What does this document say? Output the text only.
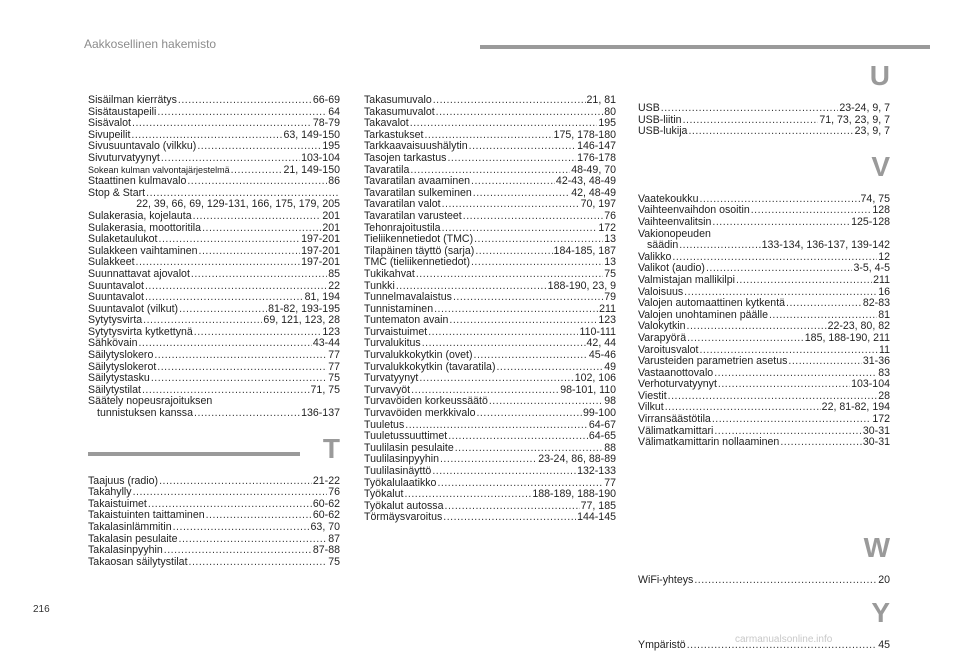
Aakkosellinen hakemisto
Sisäilman kierrätys .....	66-69
Sisätaustapeili .....	64
Sisävalot .....	78-79
Sivupeilit .....	63, 149-150
Sivusuuntavalo (vilkku) .....	195
Sivuturvatyynyt .....	103-104
Sokean kulman valvontajärjestelmä .....	21, 149-150
Staattinen kulmavalo .....	86
Stop & Start
.....
22, 39, 66, 69, 129-131, 166, 175, 179, 205
Sulakerasia, kojelauta .....	201
Sulakerasia, moottoritila .....	201
Sulaketaulukot .....	197-201
Sulakkeen vaihtaminen .....	197-201
Sulakkeet .....	197-201
Suunnattavat ajovalot .....	85
Suuntavalot .....	22
Suuntavalot .....	81, 194
Suuntavalot (vilkut) .....	81-82, 193-195
Sytytysvirta .....	69, 121, 123, 28
Sytytysvirta kytkettynä .....	123
Sähkövain .....	43-44
Säilytyslokero .....	77
Säilytyslokerot .....	77
Säilytystasku .....	75
Säilytystilat .....	71, 75
Säätely nopeusrajoituksen
tunnistuksen kanssa .....	136-137
T
Taajuus (radio) .....	21-22
Takahylly .....	76
Takaistuimet .....	60-62
Takaistuinten taittaminen .....	60-62
Takalasinlämmitin .....	63, 70
Takalasin pesulaite .....	87
Takalasinpyyhin .....	87-88
Takaosan säilytystilat .....	75
Takasumuvalo .....	21, 81
Takasumuvalot .....	80
Takavalot .....	195
Tarkastukset .....	175, 178-180
Tarkkaavaisuushälytin .....	146-147
Tasojen tarkastus .....	176-178
Tavaratila .....	48-49, 70
Tavaratilan avaaminen .....	42-43, 48-49
Tavaratilan sulkeminen .....	42, 48-49
Tavaratilan valot .....	70, 197
Tavaratilan varusteet .....	76
Tehonrajoitustila .....	172
Tieliikennetiedot (TMC) .....	13
Tilapäinen täyttö (sarja) .....	184-185, 187
TMC (tieliikennetiedot) .....	13
Tukikahvat .....	75
Tunkki .....	188-190, 23, 9
Tunnelmavalaistus .....	79
Tunnistaminen .....	211
Tuntematon avain .....	123
Turvaistuimet .....	110-111
Turvalukitus .....	42, 44
Turvalukkokytkin (ovet) .....	45-46
Turvalukkokytkin (tavaratila) .....	49
Turvatyynyt .....	102, 106
Turvavyöt .....	98-101, 110
Turvavöiden korkeussäätö .....	98
Turvavöiden merkkivalo .....	99-100
Tuuletus .....	64-67
Tuuletussuuttimet .....	64-65
Tuulilasin pesulaite .....	88
Tuulilasinpyyhin .....	23-24, 86, 88-89
Tuulilasinäyttö .....	132-133
Työkalulaatikko .....	77
Työkalut .....	188-189, 188-190
Työkalut autossa .....	77, 185
Törmäysvaroitus .....	144-145
U
USB .....	23-24, 9, 7
USB-liitin .....	71, 73, 23, 9, 7
USB-lukija .....	23, 9, 7
V
Vaatekoukku .....	74, 75
Vaihteenvaihdon osoitin .....	128
Vaihteenvalitsin .....	125-128
Vakionopeuden
säädin .....	133-134, 136-137, 139-142
Valikko .....	12
Valikot (audio) .....	3-5, 4-5
Valmistajan mallikilpi .....	211
Valoisuus .....	16
Valojen automaattinen kytkentä .....	82-83
Valojen unohtaminen päälle .....	81
Valokytkin .....	22-23, 80, 82
Varapyörä .....	185, 188-190, 211
Varoitusvalot .....	11
Varusteiden parametrien asetus .....	31-36
Vastaanottovalo .....	83
Verhoturvatyynyt .....	103-104
Viestit .....	28
Vilkut .....	22, 81-82, 194
Virransäästötila .....	172
Välimatkamittari .....	30-31
Välimatkamittarin nollaaminen .....	30-31
W
WiFi-yhteys .....	20
Y
Ympäristö .....	45
216
carmanualsonline.info
